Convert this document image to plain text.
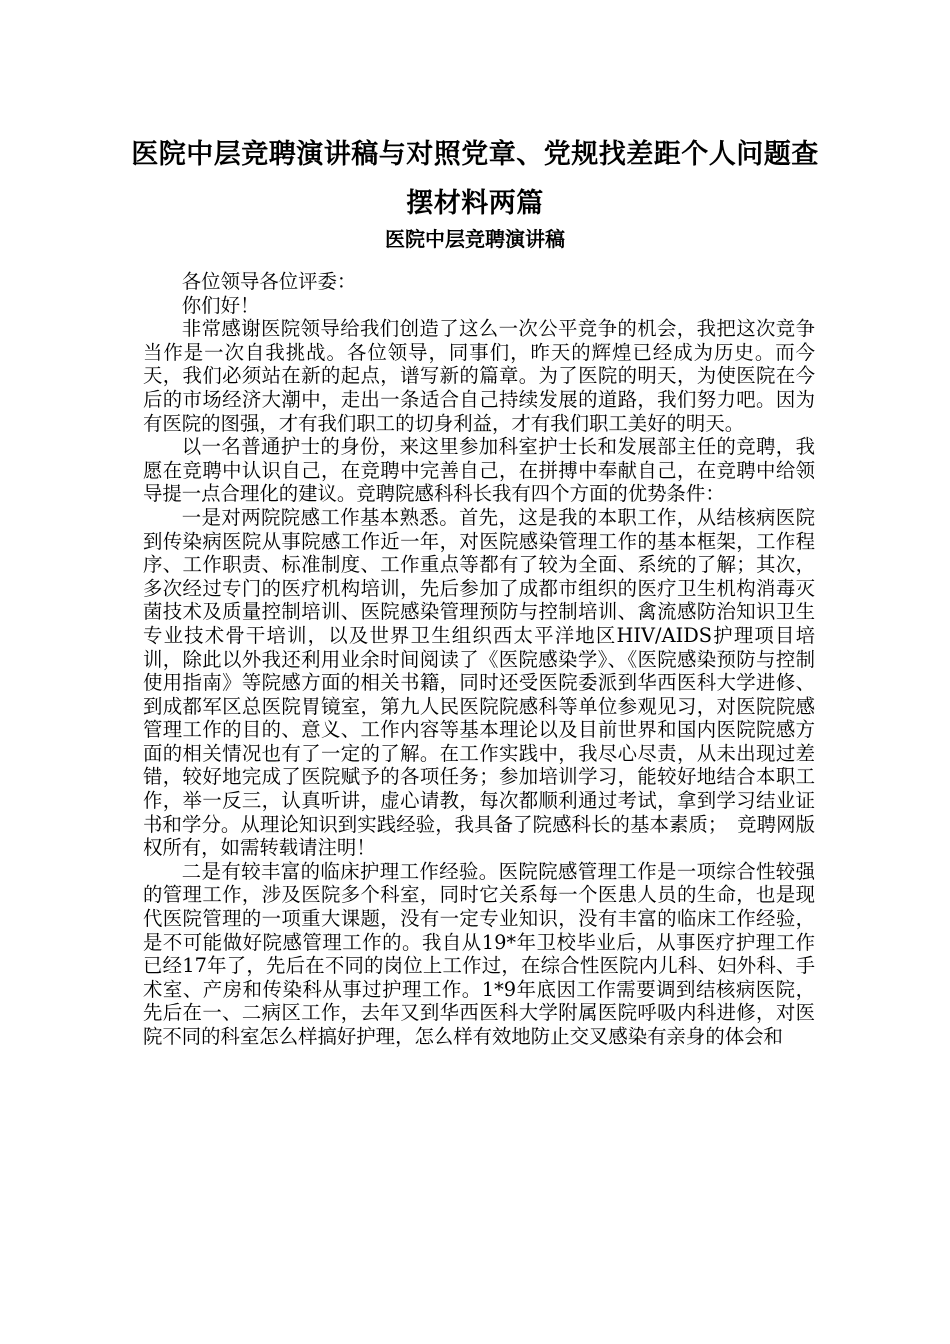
医院中层竞聘演讲稿与对照党章、党规找差距个人问题查摆材料两篇
医院中层竞聘演讲稿

各位领导各位评委：

你们好！

非常感谢医院领导给我们创造了这么一次公平竞争的机会，我把这次竞争当作是一次自我挑战。各位领导，同事们，昨天的辉煌已经成为历史。而今天，我们必须站在新的起点，谱写新的篇章。为了医院的明天，为使医院在今后的市场经济大潮中，走出一条适合自己持续发展的道路，我们努力吧。因为有医院的图强，才有我们职工的切身利益，才有我们职工美好的明天。

以一名普通护士的身份，来这里参加科室护士长和发展部主任的竞聘，我愿在竞聘中认识自己，在竞聘中完善自己，在拼搏中奉献自己，在竞聘中给领导提一点合理化的建议。竞聘院感科科长我有四个方面的优势条件：

一是对两院院感工作基本熟悉。首先，这是我的本职工作，从结核病医院到传染病医院从事院感工作近一年，对医院感染管理工作的基本框架，工作程序、工作职责、标准制度、工作重点等都有了较为全面、系统的了解；其次，多次经过专门的医疗机构培训，先后参加了成都市组织的医疗卫生机构消毒灭菌技术及质量控制培训、医院感染管理预防与控制培训、禽流感防治知识卫生专业技术骨干培训，以及世界卫生组织西太平洋地区HIV/AIDS护理项目培训，除此以外我还利用业余时间阅读了《医院感染学》、《医院感染预防与控制使用指南》等院感方面的相关书籍，同时还受医院委派到华西医科大学进修、到成都军区总医院胃镜室，第九人民医院院感科等单位参观见习，对医院院感管理工作的目的、意义、工作内容等基本理论以及目前世界和国内医院院感方面的相关情况也有了一定的了解。在工作实践中，我尽心尽责，从未出现过差错，较好地完成了医院赋予的各项任务；参加培训学习，能较好地结合本职工作，举一反三，认真听讲，虚心请教，每次都顺利通过考试，拿到学习结业证书和学分。从理论知识到实践经验，我具备了院感科长的基本素质；　竞聘网版权所有，如需转载请注明！

二是有较丰富的临床护理工作经验。医院院感管理工作是一项综合性较强的管理工作，涉及医院多个科室，同时它关系每一个医患人员的生命，也是现代医院管理的一项重大课题，没有一定专业知识，没有丰富的临床工作经验，是不可能做好院感管理工作的。我自从19*年卫校毕业后，从事医疗护理工作已经17年了，先后在不同的岗位上工作过，在综合性医院内儿科、妇外科、手术室、产房和传染科从事过护理工作。1*9年底因工作需要调到结核病医院，先后在一、二病区工作，去年又到华西医科大学附属医院呼吸内科进修，对医院不同的科室怎么样搞好护理，怎么样有效地防止交叉感染有亲身的体会和
